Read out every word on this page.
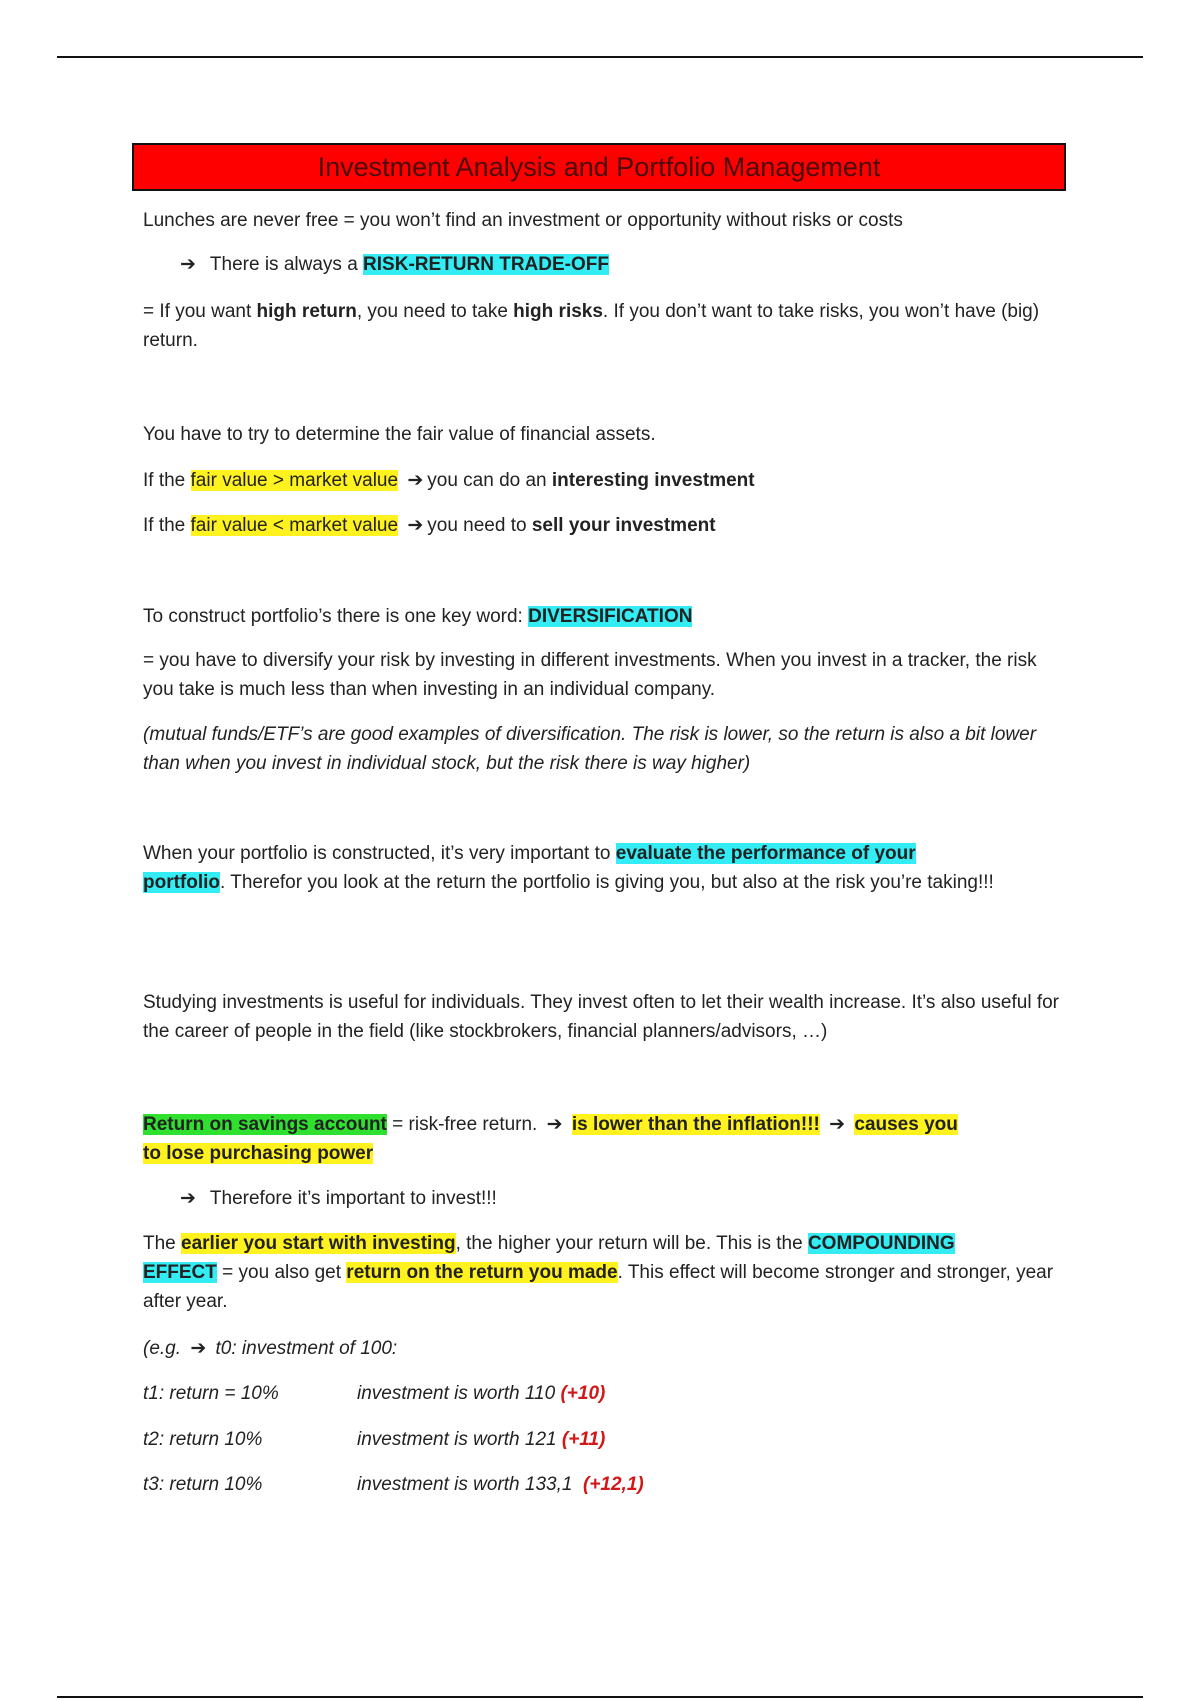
Investment Analysis and Portfolio Management
Lunches are never free = you won’t find an investment or opportunity without risks or costs
➔ There is always a RISK-RETURN TRADE-OFF
= If you want high return, you need to take high risks. If you don’t want to take risks, you won’t have (big) return.
You have to try to determine the fair value of financial assets.
If the fair value > market value ➔ you can do an interesting investment
If the fair value < market value ➔ you need to sell your investment
To construct portfolio’s there is one key word: DIVERSIFICATION
= you have to diversify your risk by investing in different investments. When you invest in a tracker, the risk you take is much less than when investing in an individual company.
(mutual funds/ETF’s are good examples of diversification. The risk is lower, so the return is also a bit lower than when you invest in individual stock, but the risk there is way higher)
When your portfolio is constructed, it’s very important to evaluate the performance of your
portfolio. Therefor you look at the return the portfolio is giving you, but also at the risk you’re taking!!!
Studying investments is useful for individuals. They invest often to let their wealth increase. It’s also useful for the career of people in the field (like stockbrokers, financial planners/advisors, …)
Return on savings account = risk-free return. ➔ is lower than the inflation!!! ➔ causes you
to lose purchasing power
➔ Therefore it’s important to invest!!!
The earlier you start with investing, the higher your return will be. This is the COMPOUNDING
EFFECT = you also get return on the return you made. This effect will become stronger and stronger, year after year.
(e.g. ➔ t0: investment of 100:
t1: return = 10%	investment is worth 110 (+10)
t2: return 10%	investment is worth 121 (+11)
t3: return 10%	investment is worth 133,1  (+12,1)
